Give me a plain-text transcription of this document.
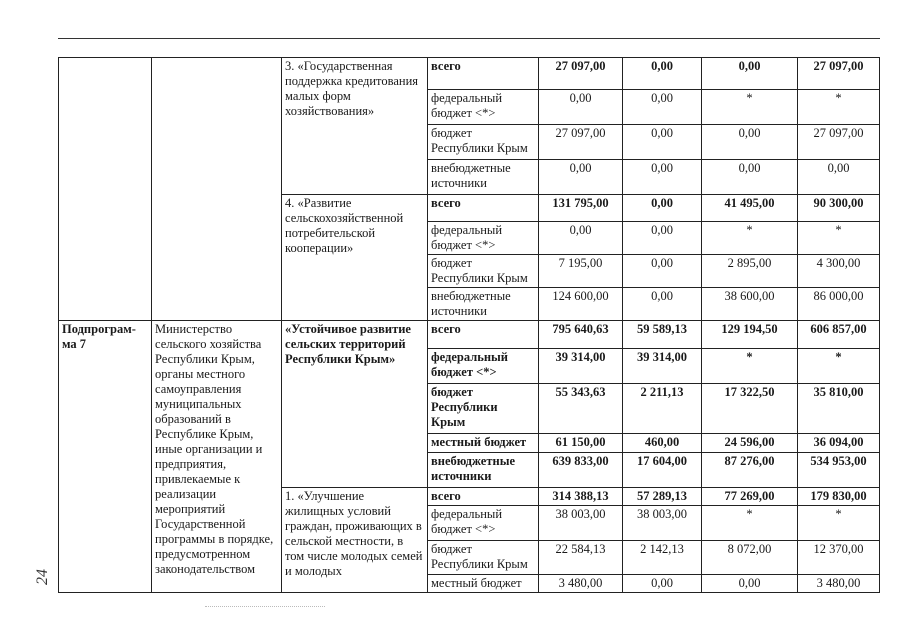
		3. «Государственная поддержка кредитования малых форм хозяйствования»	всего	27 097,00	0,00	0,00	27 097,00
			федеральный бюджет <*>	0,00	0,00	*	*
			бюджет Республики Крым	27 097,00	0,00	0,00	27 097,00
			внебюджетные источники	0,00	0,00	0,00	0,00
		4. «Развитие сельскохозяйственной потребительской кооперации»	всего	131 795,00	0,00	41 495,00	90 300,00
			федеральный бюджет <*>	0,00	0,00	*	*
			бюджет Республики Крым	7 195,00	0,00	2 895,00	4 300,00
			внебюджетные источники	124 600,00	0,00	38 600,00	86 000,00
Подпрограм-ма 7	Министерство сельского хозяйства Республики Крым, органы местного самоуправления муниципальных образований в Республике Крым, иные организации и предприятия, привлекаемые к реализации мероприятий Государственной программы в порядке, предусмотренном законодательством	«Устойчивое развитие сельских территорий Республики Крым»	всего	795 640,63	59 589,13	129 194,50	606 857,00
			федеральный бюджет <*>	39 314,00	39 314,00	*	*
			бюджет Республики Крым	55 343,63	2 211,13	17 322,50	35 810,00
			местный бюджет	61 150,00	460,00	24 596,00	36 094,00
			внебюджетные источники	639 833,00	17 604,00	87 276,00	534 953,00
		1. «Улучшение жилищных условий граждан, проживающих в сельской местности, в том числе молодых семей и молодых	всего	314 388,13	57 289,13	77 269,00	179 830,00
			федеральный бюджет <*>	38 003,00	38 003,00	*	*
			бюджет Республики Крым	22 584,13	2 142,13	8 072,00	12 370,00
			местный бюджет	3 480,00	0,00	0,00	3 480,00
24
